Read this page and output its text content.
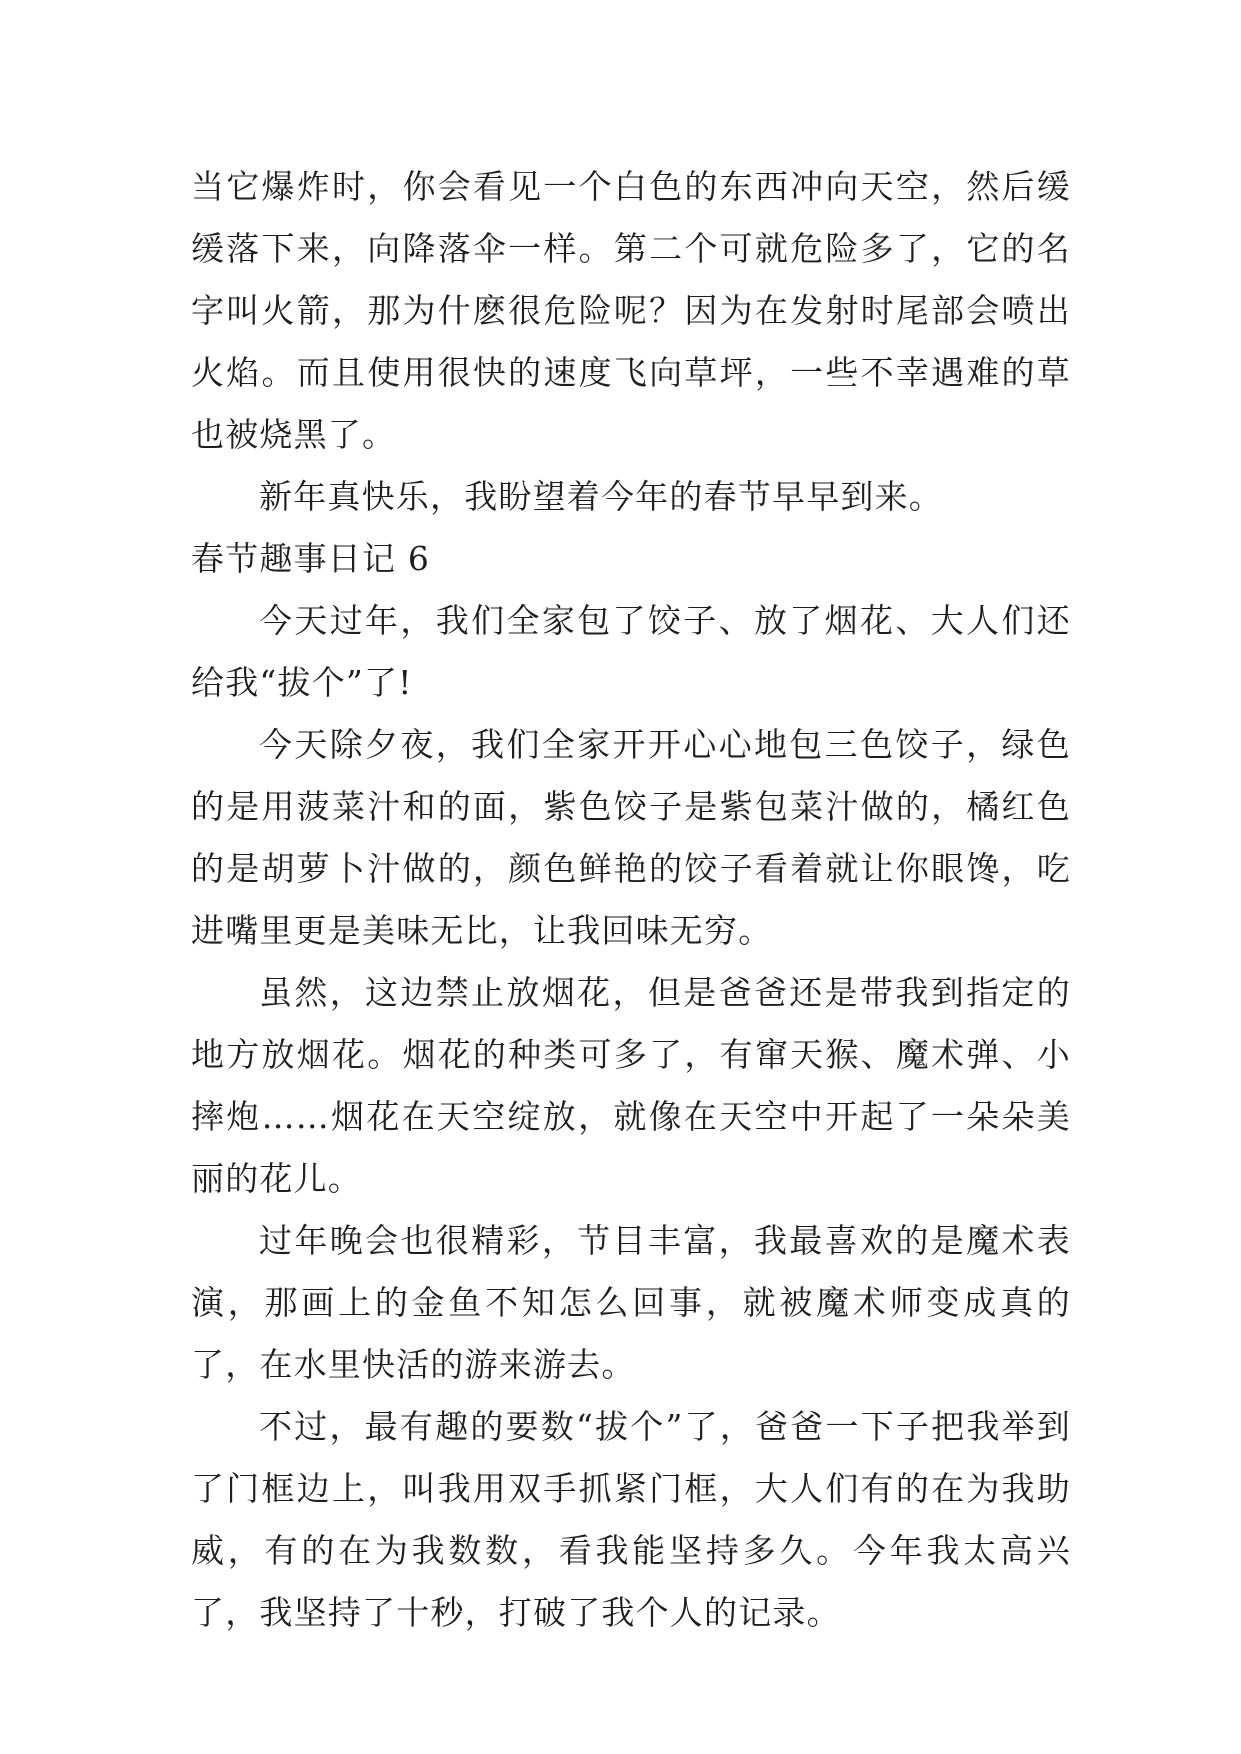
当它爆炸时，你会看见一个白色的东西冲向天空，然后缓缓落下来，向降落伞一样。第二个可就危险多了，它的名字叫火箭，那为什麽很危险呢？因为在发射时尾部会喷出火焰。而且使用很快的速度飞向草坪，一些不幸遇难的草也被烧黑了。

新年真快乐，我盼望着今年的春节早早到来。

春节趣事日记 6

今天过年，我们全家包了饺子、放了烟花、大人们还给我“拔个”了!

今天除夕夜，我们全家开开心心地包三色饺子，绿色的是用菠菜汁和的面，紫色饺子是紫包菜汁做的，橘红色的是胡萝卜汁做的，颜色鲜艳的饺子看着就让你眼馋，吃进嘴里更是美味无比，让我回味无穷。

虽然，这边禁止放烟花，但是爸爸还是带我到指定的地方放烟花。烟花的种类可多了，有窜天猴、魔术弹、小摔炮……烟花在天空绽放，就像在天空中开起了一朵朵美丽的花儿。

过年晚会也很精彩，节目丰富，我最喜欢的是魔术表演，那画上的金鱼不知怎么回事，就被魔术师变成真的了，在水里快活的游来游去。

不过，最有趣的要数“拔个”了，爸爸一下子把我举到了门框边上，叫我用双手抓紧门框，大人们有的在为我助威，有的在为我数数，看我能坚持多久。今年我太高兴了，我坚持了十秒，打破了我个人的记录。
